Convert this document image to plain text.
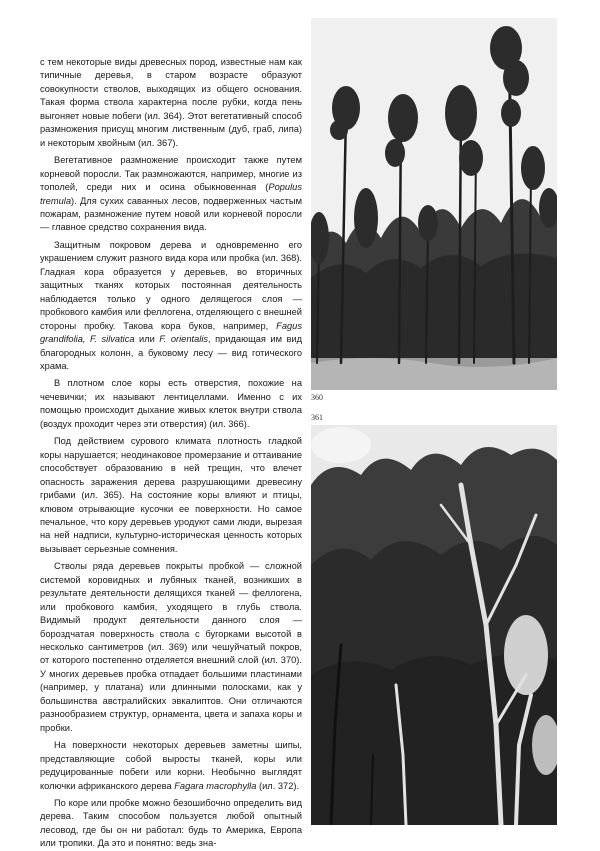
с тем некоторые виды древесных пород, известные нам как типичные деревья, в старом возрасте образуют совокупности стволов, выходящих из общего основания. Такая форма ствола характерна после рубки, когда пень выгоняет новые побеги (ил. 364). Этот вегетативный способ размножения присущ многим лиственным (дуб, граб, липа) и некоторым хвойным (ил. 367).

Вегетативное размножение происходит также путем корневой поросли. Так размножаются, например, многие из тополей, среди них и осина обыкновенная (Populus tremula). Для сухих саванных лесов, подверженных частым пожарам, размножение путем новой или корневой поросли — главное средство сохранения вида.

Защитным покровом дерева и одновременно его украшением служит разного вида кора или пробка (ил. 368). Гладкая кора образуется у деревьев, во вторичных защитных тканях которых постоянная деятельность наблюдается только у одного делящегося слоя — пробкового камбия или феллогена, отделяющего с внешней стороны пробку. Такова кора буков, например, Fagus grandifolia, F. silvatica или F. orientalis, придающая им вид благородных колонн, а буковому лесу — вид готического храма.

В плотном слое коры есть отверстия, похожие на чечевички; их называют лентицеллами. Именно с их помощью происходит дыхание живых клеток внутри ствола (воздух проходит через эти отверстия) (ил. 366).

Под действием сурового климата плотность гладкой коры нарушается; неодинаковое промерзание и оттаивание способствует образованию в ней трещин, что влечет опасность заражения дерева разрушающими древесину грибами (ил. 365). На состояние коры влияют и птицы, клювом отрывающие кусочки ее поверхности. Но самое печальное, что кору деревьев уродуют сами люди, вырезая на ней надписи, культурно-историческая ценность которых вызывает серьезные сомнения.

Стволы ряда деревьев покрыты пробкой — сложной системой коровидных и лубяных тканей, возникших в результате деятельности делящихся тканей — феллогена, или пробкового камбия, уходящего в глубь ствола. Видимый продукт деятельности данного слоя — бороздчатая поверхность ствола с бугорками высотой в несколько сантиметров (ил. 369) или чешуйчатый покров, от которого постепенно отделяется внешний слой (ил. 370). У многих деревьев пробка отпадает большими пластинами (например, у платана) или длинными полосками, как у большинства австралийских эвкалиптов. Они отличаются разнообразием структур, орнамента, цвета и запаха коры и пробки.

На поверхности некоторых деревьев заметны шипы, представляющие собой выросты тканей, коры или редуцированные побеги или корни. Необычно выглядят колючки африканского дерева Fagara macrophylla (ил. 372).

По коре или пробке можно безошибочно определить вид дерева. Таким способом пользуется любой опытный лесовод, где бы он ни работал: будь то Америка, Европа или тропики. Да это и понятно: ведь зна-

360
361
